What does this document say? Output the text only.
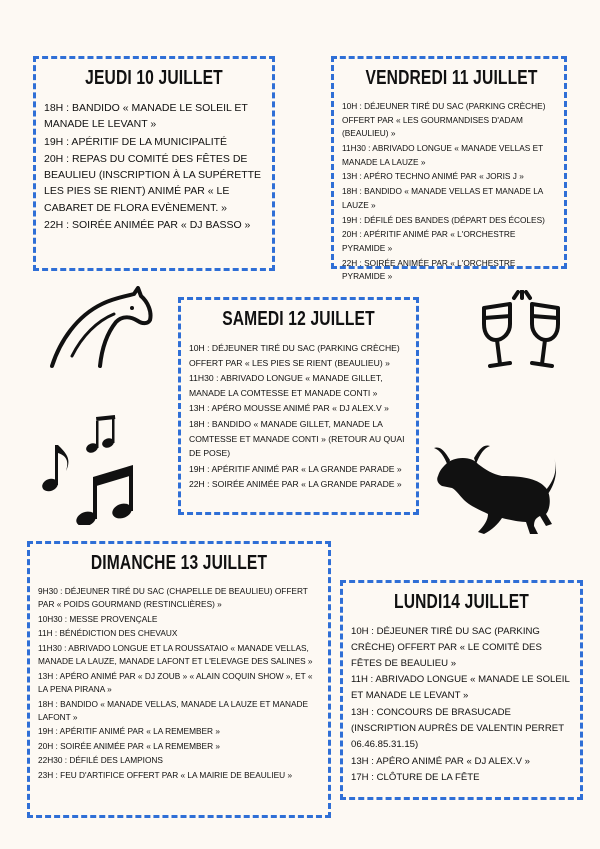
JEUDI 10 JUILLET
18H : BANDIDO « MANADE LE SOLEIL ET MANADE LE LEVANT »
19H : APÉRITIF DE LA MUNICIPALITÉ
20H : REPAS DU COMITÉ DES FÊTES DE BEAULIEU (INSCRIPTION À LA SUPÉRETTE LES PIES SE RIENT) ANIMÉ PAR « LE CABARET DE FLORA EVÈNEMENT. »
22H : SOIRÉE ANIMÉE PAR « DJ BASSO »
VENDREDI 11 JUILLET
10H : DÉJEUNER TIRÉ DU SAC (PARKING CRÈCHE) OFFERT PAR « LES GOURMANDISES D'ADAM (BEAULIEU) »
11H30 : ABRIVADO LONGUE « MANADE VELLAS ET MANADE LA LAUZE »
13H : APÉRO TECHNO ANIMÉ PAR « JORIS J »
18H : BANDIDO « MANADE VELLAS ET MANADE LA LAUZE »
19H : DÉFILÉ DES BANDES (DÉPART DES ÉCOLES)
20H : APÉRITIF ANIMÉ PAR « L'ORCHESTRE PYRAMIDE »
22H : SOIRÉE ANIMÉE PAR « L'ORCHESTRE PYRAMIDE »
SAMEDI 12 JUILLET
10H : DÉJEUNER TIRÉ DU SAC (PARKING CRÈCHE) OFFERT PAR « LES PIES SE RIENT (BEAULIEU) »
11H30 : ABRIVADO LONGUE « MANADE GILLET, MANADE LA COMTESSE ET MANADE CONTI »
13H : APÉRO MOUSSE ANIMÉ PAR « DJ ALEX.V »
18H : BANDIDO « MANADE GILLET, MANADE LA COMTESSE ET MANADE CONTI » (RETOUR AU QUAI DE POSE)
19H : APÉRITIF ANIMÉ PAR « LA GRANDE PARADE »
22H : SOIRÉE ANIMÉE PAR « LA GRANDE PARADE »
DIMANCHE 13 JUILLET
9H30 : DÉJEUNER TIRÉ DU SAC (CHAPELLE DE BEAULIEU) OFFERT PAR « POIDS GOURMAND (RESTINCLIÈRES) »
10H30 : MESSE PROVENÇALE
11H : BÉNÉDICTION DES CHEVAUX
11H30 : ABRIVADO LONGUE ET LA ROUSSATAIO « MANADE VELLAS, MANADE LA LAUZE, MANADE LAFONT ET L'ELEVAGE DES SALINES »
13H : APÉRO ANIMÉ PAR « DJ ZOUB » « ALAIN COQUIN SHOW », ET « LA PENA PIRANA »
18H : BANDIDO « MANADE VELLAS, MANADE LA LAUZE ET MANADE LAFONT »
19H : APÉRITIF ANIMÉ PAR « LA REMEMBER »
20H : SOIRÉE ANIMÉE PAR « LA REMEMBER »
22H30 : DÉFILÉ DES LAMPIONS
23H : FEU D'ARTIFICE OFFERT PAR « LA MAIRIE DE BEAULIEU »
LUNDI14 JUILLET
10H : DÉJEUNER TIRÉ DU SAC (PARKING CRÈCHE) OFFERT PAR « LE COMITÉ DES FÊTES DE BEAULIEU »
11H : ABRIVADO LONGUE « MANADE LE SOLEIL ET MANADE LE LEVANT »
13H : CONCOURS DE BRASUCADE (INSCRIPTION AUPRÈS DE VALENTIN PERRET 06.46.85.31.15)
13H : APÉRO ANIMÉ PAR « DJ ALEX.V »
17H : CLÔTURE DE LA FÊTE
